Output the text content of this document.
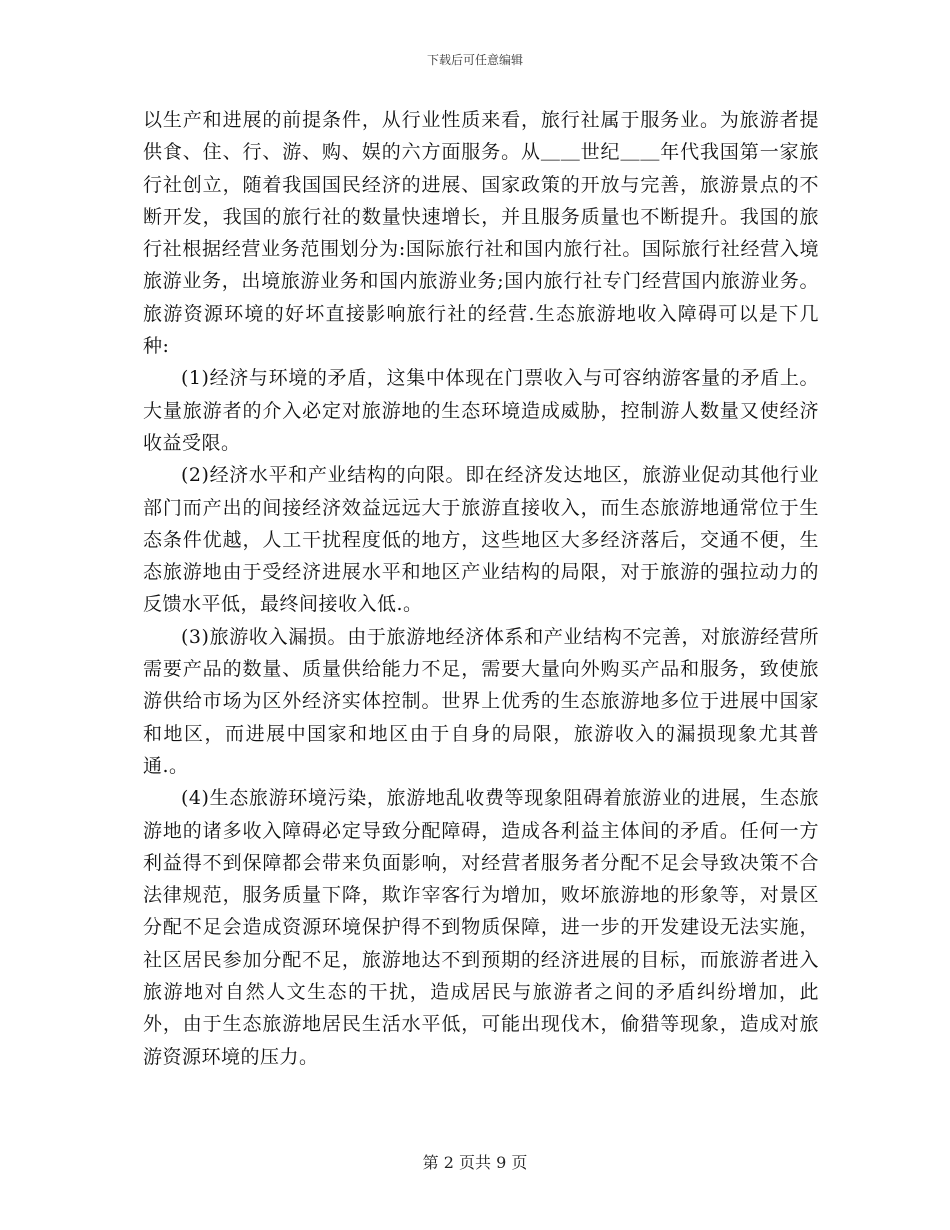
下载后可任意编辑

以生产和进展的前提条件，从行业性质来看，旅行社属于服务业。为旅游者提供食、住、行、游、购、娱的六方面服务。从＿＿世纪＿＿年代我国第一家旅行社创立，随着我国国民经济的进展、国家政策的开放与完善，旅游景点的不断开发，我国的旅行社的数量快速增长，并且服务质量也不断提升。我国的旅行社根据经营业务范围划分为:国际旅行社和国内旅行社。国际旅行社经营入境旅游业务，出境旅游业务和国内旅游业务;国内旅行社专门经营国内旅游业务。旅游资源环境的好坏直接影响旅行社的经营.生态旅游地收入障碍可以是下几种:

(1)经济与环境的矛盾，这集中体现在门票收入与可容纳游客量的矛盾上。大量旅游者的介入必定对旅游地的生态环境造成威胁，控制游人数量又使经济收益受限。

(2)经济水平和产业结构的向限。即在经济发达地区，旅游业促动其他行业部门而产出的间接经济效益远远大于旅游直接收入，而生态旅游地通常位于生态条件优越，人工干扰程度低的地方，这些地区大多经济落后，交通不便，生态旅游地由于受经济进展水平和地区产业结构的局限，对于旅游的强拉动力的反馈水平低，最终间接收入低.。

(3)旅游收入漏损。由于旅游地经济体系和产业结构不完善，对旅游经营所需要产品的数量、质量供给能力不足，需要大量向外购买产品和服务，致使旅游供给市场为区外经济实体控制。世界上优秀的生态旅游地多位于进展中国家和地区，而进展中国家和地区由于自身的局限，旅游收入的漏损现象尤其普通.。

(4)生态旅游环境污染，旅游地乱收费等现象阻碍着旅游业的进展，生态旅游地的诸多收入障碍必定导致分配障碍，造成各利益主体间的矛盾。任何一方利益得不到保障都会带来负面影响，对经营者服务者分配不足会导致决策不合法律规范，服务质量下降，欺诈宰客行为增加，败坏旅游地的形象等，对景区分配不足会造成资源环境保护得不到物质保障，进一步的开发建设无法实施，社区居民参加分配不足，旅游地达不到预期的经济进展的目标，而旅游者进入旅游地对自然人文生态的干扰，造成居民与旅游者之间的矛盾纠纷增加，此外，由于生态旅游地居民生活水平低，可能出现伐木，偷猎等现象，造成对旅游资源环境的压力。

第 2 页共 9 页
